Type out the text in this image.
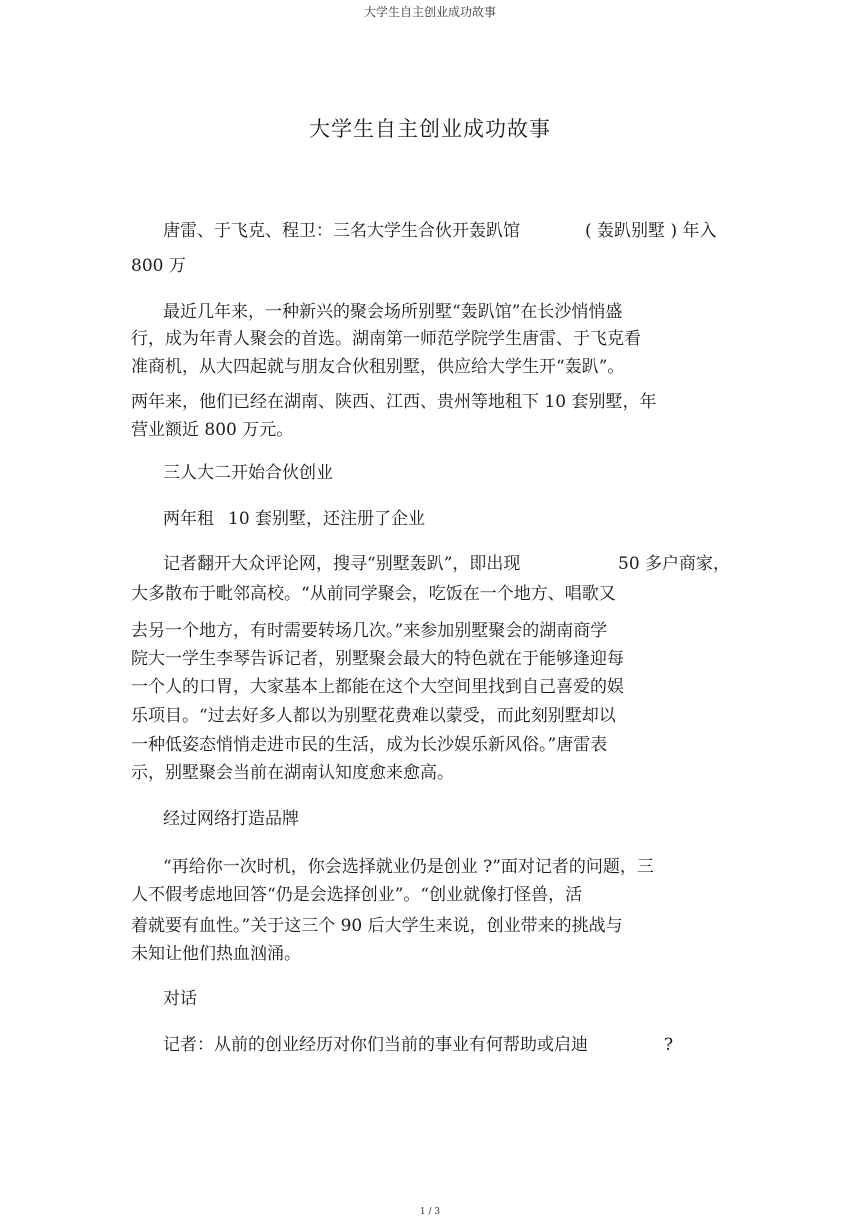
大学生自主创业成功故事
大学生自主创业成功故事
唐雷、于飞克、程卫：三名大学生合伙开轰趴馆	( 轰趴别墅 ) 年入
800 万
最近几年来，一种新兴的聚会场所别墅“轰趴馆”在长沙悄悄盛
行，成为年青人聚会的首选。湖南第一师范学院学生唐雷、于飞克看
准商机，从大四起就与朋友合伙租别墅，供应给大学生开“轰趴”。
两年来，他们已经在湖南、陕西、江西、贵州等地租下 10 套别墅，年
营业额近 800 万元。
三人大二开始合伙创业
两年租 10 套别墅，还注册了企业
记者翻开大众评论网，搜寻“别墅轰趴”，即出现	50 多户商家，
大多散布于毗邻高校。“从前同学聚会，吃饭在一个地方、唱歌又
去另一个地方，有时需要转场几次。”来参加别墅聚会的湖南商学
院大一学生李琴告诉记者，别墅聚会最大的特色就在于能够逢迎每
一个人的口胃，大家基本上都能在这个大空间里找到自己喜爱的娱
乐项目。“过去好多人都以为别墅花费难以蒙受，而此刻别墅却以
一种低姿态悄悄走进市民的生活，成为长沙娱乐新风俗。”唐雷表
示，别墅聚会当前在湖南认知度愈来愈高。
经过网络打造品牌
“再给你一次时机，你会选择就业仍是创业 ?”面对记者的问题，三
人不假考虑地回答“仍是会选择创业”。“创业就像打怪兽，活
着就要有血性。”关于这三个 90 后大学生来说，创业带来的挑战与
未知让他们热血汹涌。
对话
记者：从前的创业经历对你们当前的事业有何帮助或启迪	?
1 / 3
